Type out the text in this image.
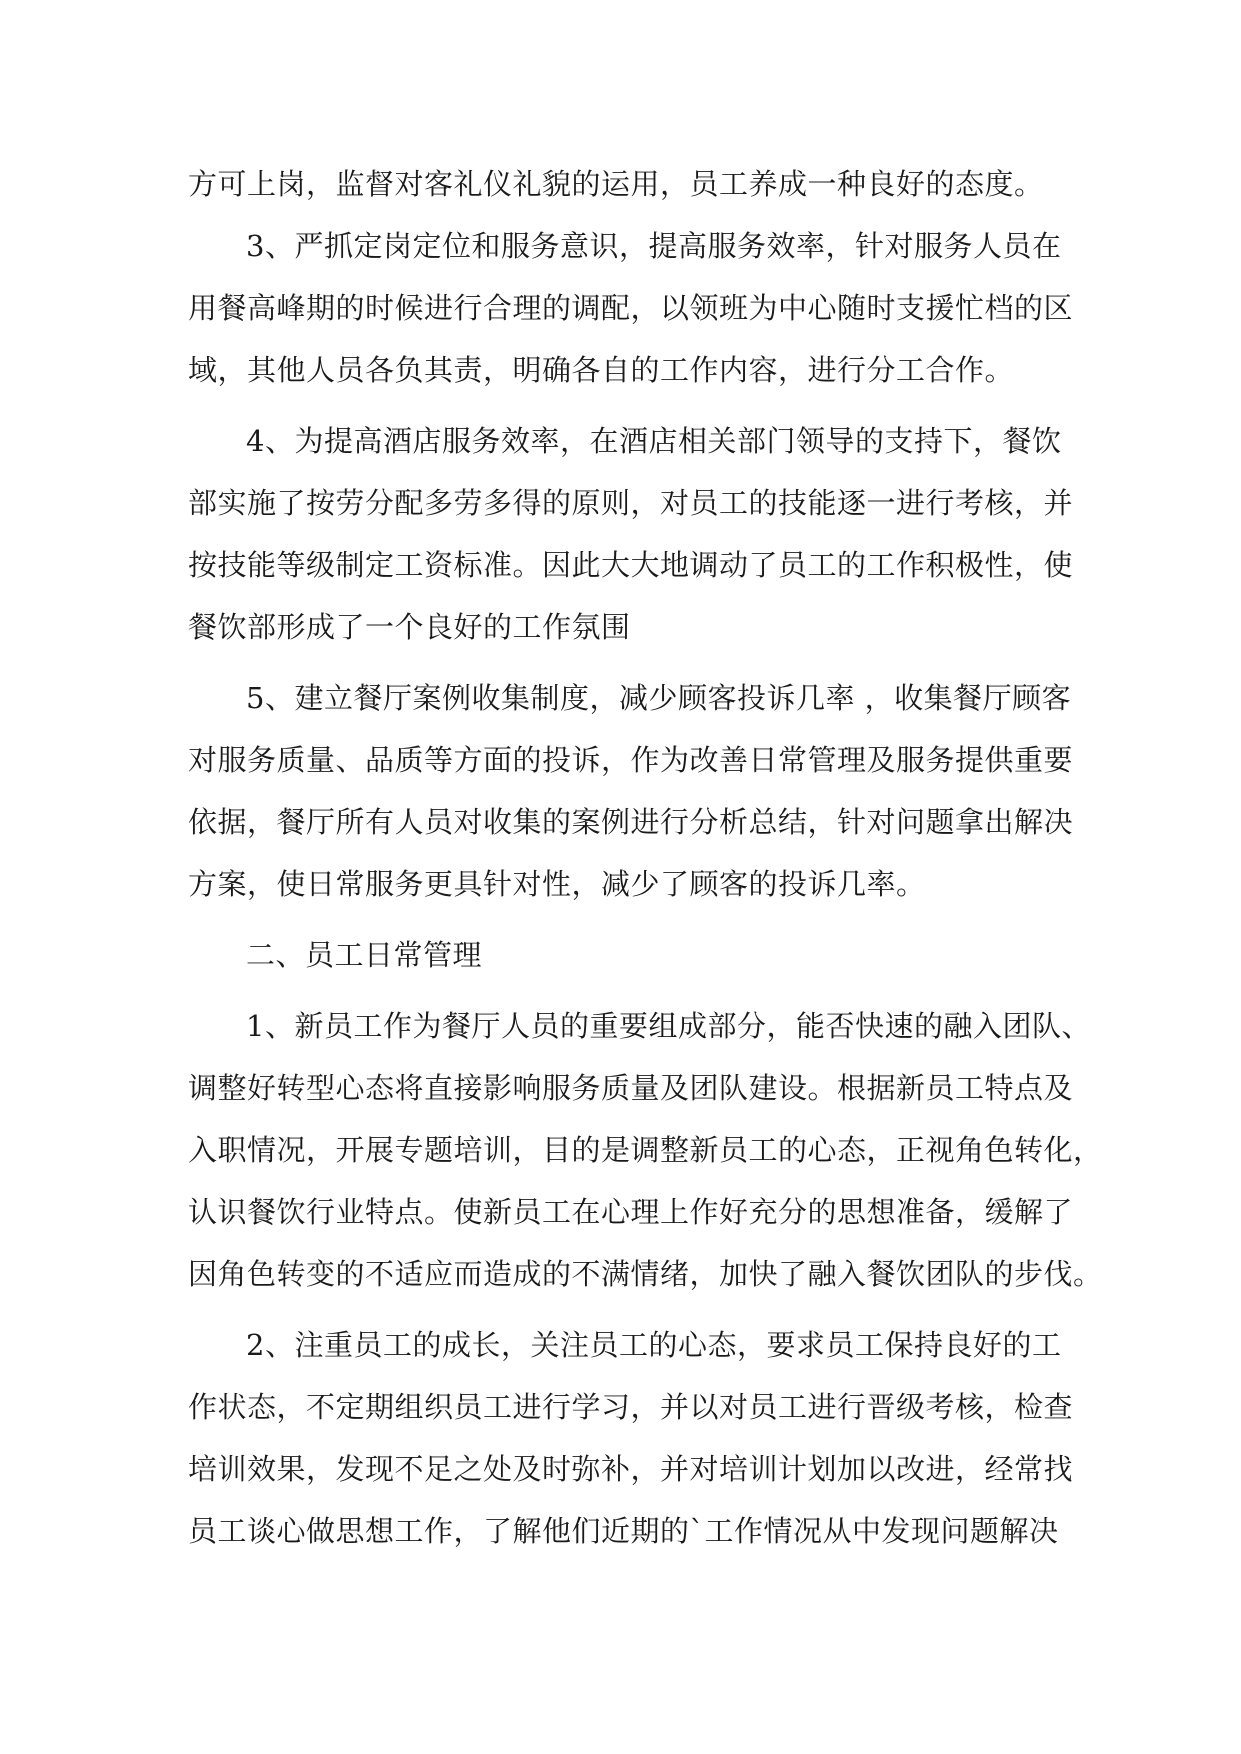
方可上岗，监督对客礼仪礼貌的运用，员工养成一种良好的态度。
3、严抓定岗定位和服务意识，提高服务效率，针对服务人员在
用餐高峰期的时候进行合理的调配，以领班为中心随时支援忙档的区
域，其他人员各负其责，明确各自的工作内容，进行分工合作。
4、为提高酒店服务效率，在酒店相关部门领导的支持下，餐饮
部实施了按劳分配多劳多得的原则，对员工的技能逐一进行考核，并
按技能等级制定工资标准。因此大大地调动了员工的工作积极性，使
餐饮部形成了一个良好的工作氛围
5、建立餐厅案例收集制度，减少顾客投诉几率 ，收集餐厅顾客
对服务质量、品质等方面的投诉，作为改善日常管理及服务提供重要
依据，餐厅所有人员对收集的案例进行分析总结，针对问题拿出解决
方案，使日常服务更具针对性，减少了顾客的投诉几率。
二、员工日常管理
1、新员工作为餐厅人员的重要组成部分，能否快速的融入团队、
调整好转型心态将直接影响服务质量及团队建设。根据新员工特点及
入职情况，开展专题培训，目的是调整新员工的心态，正视角色转化，
认识餐饮行业特点。使新员工在心理上作好充分的思想准备，缓解了
因角色转变的不适应而造成的不满情绪，加快了融入餐饮团队的步伐。
2、注重员工的成长，关注员工的心态，要求员工保持良好的工
作状态，不定期组织员工进行学习，并以对员工进行晋级考核，检查
培训效果，发现不足之处及时弥补，并对培训计划加以改进，经常找
员工谈心做思想工作，了解他们近期的`工作情况从中发现问题解决
